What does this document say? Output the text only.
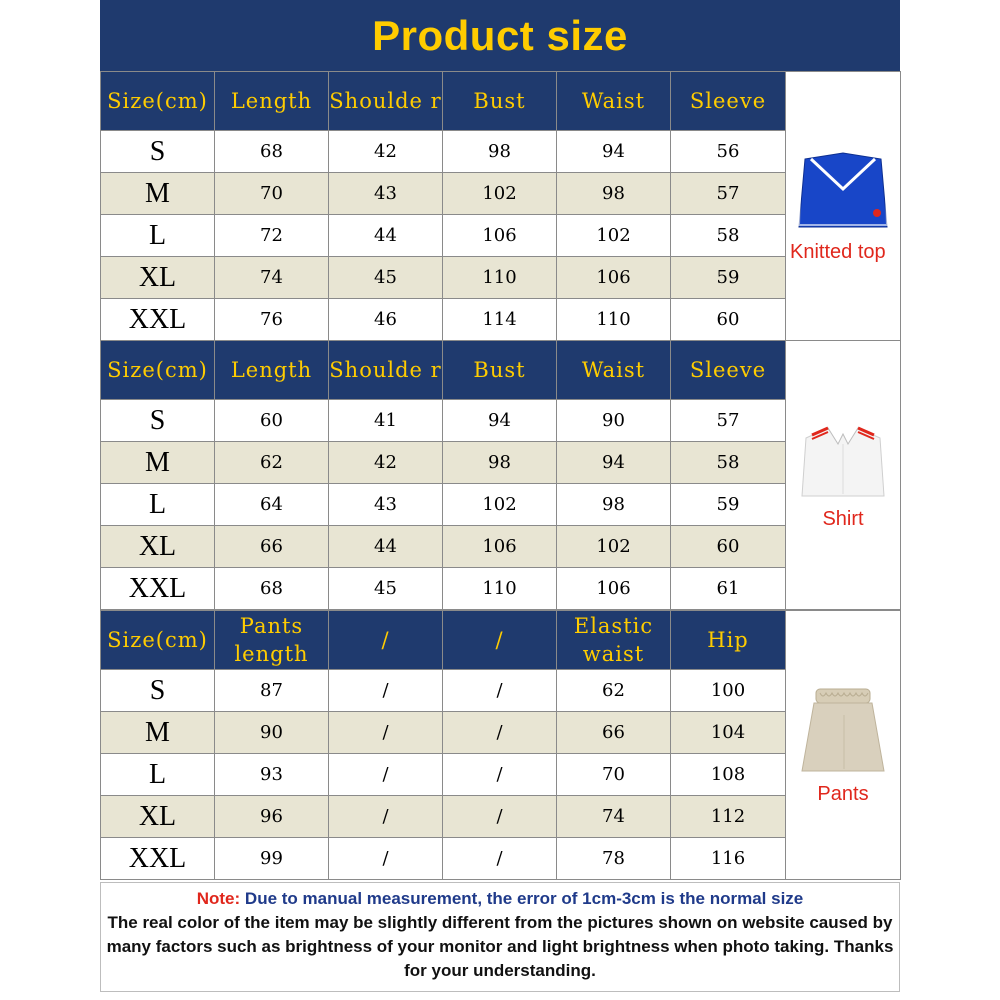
Product size
Size(cm)	Length	Shoulde r	Bust	Waist	Sleeve	Knitted top

S	68	42	98	94	56	
M	70	43	102	98	57	
L	72	44	106	102	58	
XL	74	45	110	106	59	
XXL	76	46	114	110	60	
Size(cm)	Length	Shoulde r	Bust	Waist	Sleeve	Shirt

S	60	41	94	90	57	
M	62	42	98	94	58	
L	64	43	102	98	59	
XL	66	44	106	102	60	
XXL	68	45	110	106	61	
Size(cm)	Pants length	/	/	Elastic waist	Hip	Pants

S	87	/	/	62	100	
M	90	/	/	66	104	
L	93	/	/	70	108	
XL	96	/	/	74	112	
XXL	99	/	/	78	116	
Note: Due to manual measurement, the error of 1cm-3cm is the normal size
The real color of the item may be slightly different from the pictures shown on website caused by many factors such as brightness of your monitor and light brightness when photo taking. Thanks for your understanding.
